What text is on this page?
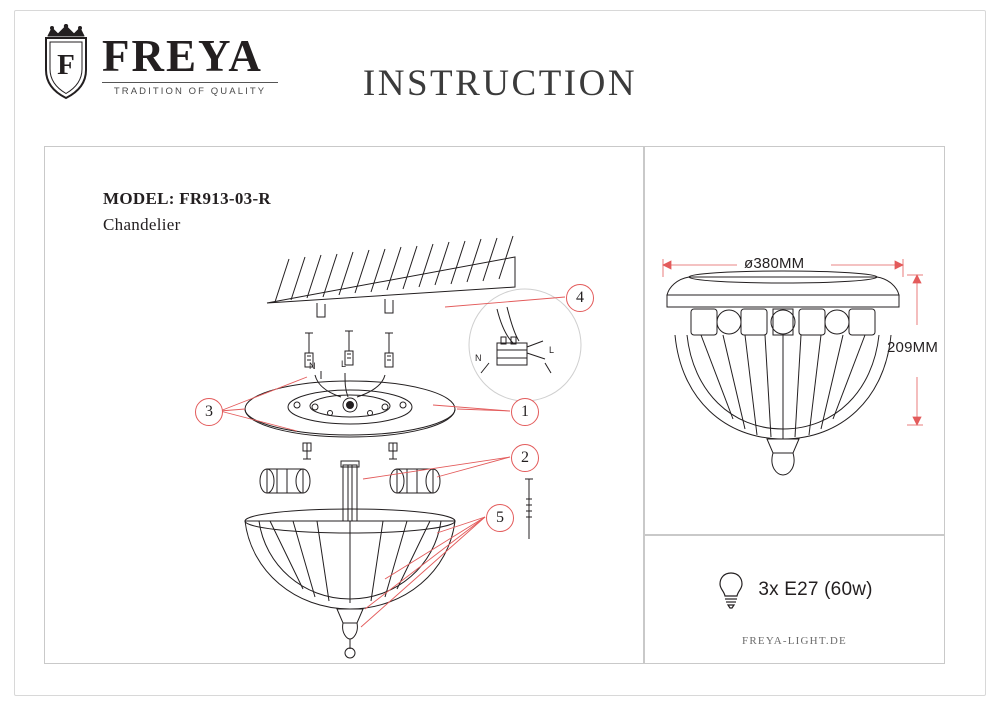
F FREYA
TRADITION OF QUALITY	INSTRUCTION
MODEL: FR913-03-R
Chandelier
N	L
N
L
1
2
3
4
5
ø380MM
209MM
3x E27 (60w)
FREYA-LIGHT.DE
